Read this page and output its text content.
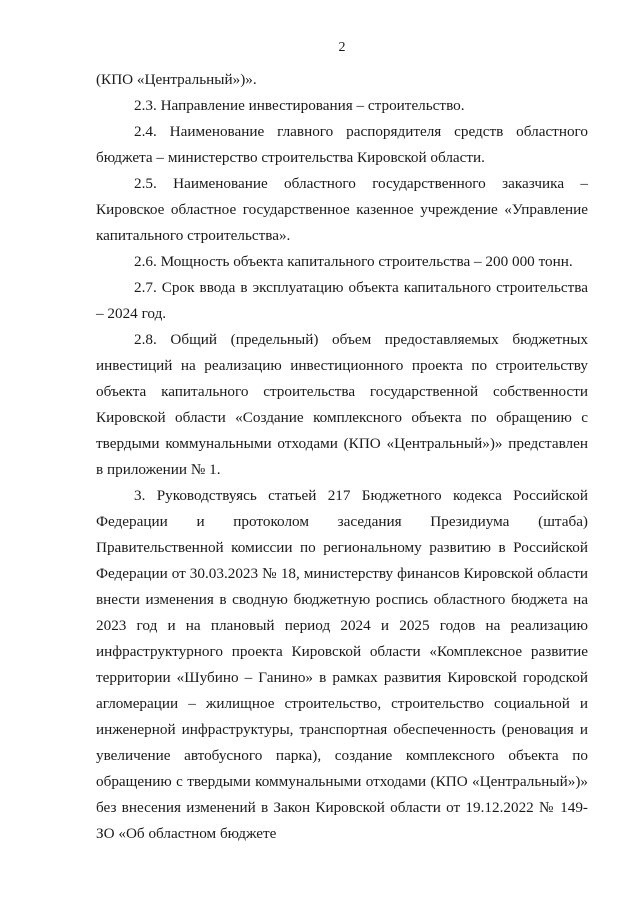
2

(КПО «Центральный»)».

2.3. Направление инвестирования – строительство.

2.4. Наименование главного распорядителя средств областного бюджета – министерство строительства Кировской области.

2.5. Наименование областного государственного заказчика – Кировское областное государственное казенное учреждение «Управление капитального строительства».

2.6. Мощность объекта капитального строительства – 200 000 тонн.

2.7. Срок ввода в эксплуатацию объекта капитального строительства – 2024 год.

2.8. Общий (предельный) объем предоставляемых бюджетных инвестиций на реализацию инвестиционного проекта по строительству объекта капитального строительства государственной собственности Кировской области «Создание комплексного объекта по обращению с твердыми коммунальными отходами (КПО «Центральный»)» представлен в приложении № 1.

3. Руководствуясь статьей 217 Бюджетного кодекса Российской Федерации и протоколом заседания Президиума (штаба) Правительственной комиссии по региональному развитию в Российской Федерации от 30.03.2023 № 18, министерству финансов Кировской области внести изменения в сводную бюджетную роспись областного бюджета на 2023 год и на плановый период 2024 и 2025 годов на реализацию инфраструктурного проекта Кировской области «Комплексное развитие территории «Шубино – Ганино» в рамках развития Кировской городской агломерации – жилищное строительство, строительство социальной и инженерной инфраструктуры, транспортная обеспеченность (реновация и увеличение автобусного парка), создание комплексного объекта по обращению с твердыми коммунальными отходами (КПО «Центральный»)» без внесения изменений в Закон Кировской области от 19.12.2022 № 149-ЗО «Об областном бюджете
